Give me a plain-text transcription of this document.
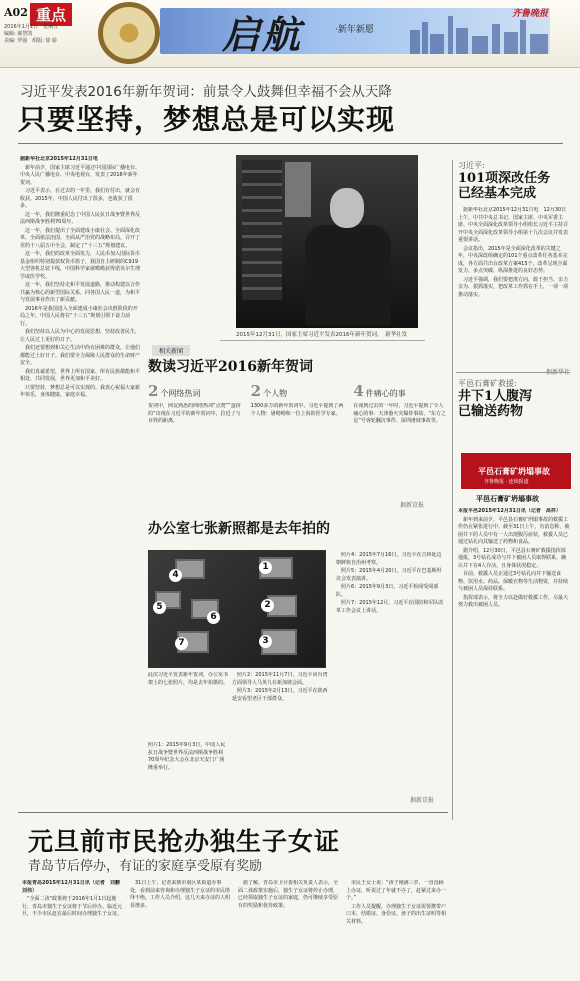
A02 重点
2016年1月1日　星期五
编辑: 郝慧凯
美编: 罗强　组版: 徐 娇	启航	·新年新愿
齐鲁晚报
习近平发表2016年新年贺词：前景令人鼓舞但幸福不会从天降
只要坚持，梦想总是可以实现

据新华社北京2015年12月31日电

新年前夕，国家主席习近平通过中国国际广播电台、中央人民广播电台、中央电视台，发表了2016年新年贺词。

习近平表示，在过去的一年里，我们有付出，就会有收获。2015年，中国人民付出了很多，也收获了很多。

这一年，我们隆重纪念了中国人民抗日战争暨世界反法西斯战争胜利70周年。

这一年，我们提出了全面建成小康社会、全面深化改革、全面依法治国、全面从严治党的战略布局，召开了党的十八届五中全会，制定了“十三五”规划建议。

这一年，我们的改革全面发力，人民币加入国际货币基金组织特别提款权货币篮子，我国自主研制的C919大型客机总装下线，中国科学家屠呦呦获得诺贝尔生理学或医学奖。

这一年，我们坚持走和平发展道路，推动构建以合作共赢为核心的新型国际关系，同各国人民一道，为和平与发展事业作出了新贡献。

2016年是我国进入全面建成小康社会决胜阶段的开局之年，中国人民将在“十三五”规划引领下奋力前行。

我们坚持以人民为中心的发展思想，坚持改善民生，让人民过上更好的日子。

我们还要想到和关心生活中尚有困难的群众，让他们都能过上好日子。我们要全力保障人民群众的生命财产安全。

我们真诚希望，世界上所有国家、所有民族都能和平相处、共同发展，世界更加和平美好。

只要坚持，梦想总是可以实现的。我衷心祝福大家新年快乐，身体健康，家庭幸福。

2015年12月31日，国家主席习近平发表2016年新年贺词。　新华社发
习近平:
101项深改任务
已经基本完成

据新华社北京2015年12月31日电　12月30日上午，中共中央总书记、国家主席、中央军委主席、中央全面深化改革领导小组组长习近平主持召开中央全面深化改革领导小组第十九次会议并发表重要讲话。

会议指出，2015年是全面深化改革的关键之年，中央深改组确定的101个重点改革任务基本完成，各方面共出台改革方案415个，改革呈现全面发力、多点突破、纵深推进的良好态势。

习近平强调，我们要把准方向、敢于担当、亲力亲为、狠抓落实，把改革工作抓在手上，一项一项推动落实。

平邑石膏矿救援:
井下1人腹泻
已输送药物
平邑石膏矿坍塌事故
齐鲁晚报 · 连续报道
平邑石膏矿坍塌事故

本报平邑2015年12月31日讯（记者　高祥）

新年到来前夕，平邑县石膏矿坍塌事故的救援工作仍在紧张进行中。截至31日上午，有消息称，被困井下的人员中有一人出现腹泻症状，救援人员已通过钻孔向其输送了药物和食品。

据介绍，12月30日，平邑县石膏矿救援指挥部通报，3号钻孔成功与井下被困人员取得联系，确认井下有4人存活，且身体状况稳定。

目前，救援人员正通过3号钻孔向井下输送食物、饮用水、药品、保暖衣物等生活物资，并持续与被困人员保持联系。

指挥部表示，将全力以赴做好救援工作，尽最大努力救出被困人员。

相关新闻
数读习近平2016新年贺词
2 个网络热词
贺词中，网友熟悉的网络热词“点赞”“蛮拼的”出现在习近平的新年贺词中，拉近了与百姓的距离。
2 个人物
1300多万的新年贺词中，习近平提到了两个人物：屠呦呦和一位上海的医学专家。
4 件痛心的事
在谈到过去的一年时，习近平提到了令人痛心的事：天津港火灾爆炸事故、“东方之星”号客轮翻沉事件、深圳滑坡事故等。
据新京报
办公室七张新照都是去年拍的
1
2
3
4
5
6
7
此次习近平发表新年贺词，办公室书架上的七张照片，均是去年拍摄的。
照片1：2015年9月3日，中国人民抗日战争暨世界反法西斯战争胜利70周年纪念大会在北京天安门广场隆重举行。

照片2：2015年11月7日，习近平同台湾方面领导人马英九在新加坡会面。

照片3：2015年2月13日，习近平在陕西延安看望老区干部群众。

照片4：2015年7月16日，习近平在吉林延边朝鲜族自治州考察。

照片5：2015年4月20日，习近平在巴基斯坦议会发表演讲。

照片6：2015年9月3日，习近平检阅受阅部队。

照片7：2015年12月，习近平在国防和军队改革工作会议上讲话。

据新京报
元旦前市民抢办独生子女证
青岛节后停办，有证的家庭享受原有奖励

本报青岛2015年12月31日讯（记者　刘鹏 刘伟）

“全面二孩”政策将于2016年1月1日起施行，青岛市独生子女证将于节后停办。临近元旦，不少市民赶在最后时间办理独生子女证。

31日上午，记者来到市南区某街道办事处，看到前来咨询和办理独生子女证的市民络绎不绝。工作人员介绍，这几天来办证的人明显增多。

据了解，青岛市卫计委相关负责人表示，全面二孩政策实施后，独生子女证将停止办理，已经领取独生子女证的家庭，仍可继续享受原有的奖励和优待政策。

市民王女士说：“孩子刚满三岁，一直没顾上办证，听说过了年就不办了，赶紧过来办一个。”

工作人员提醒，办理独生子女证需要携带户口本、结婚证、身份证、孩子的出生证明等相关材料。
